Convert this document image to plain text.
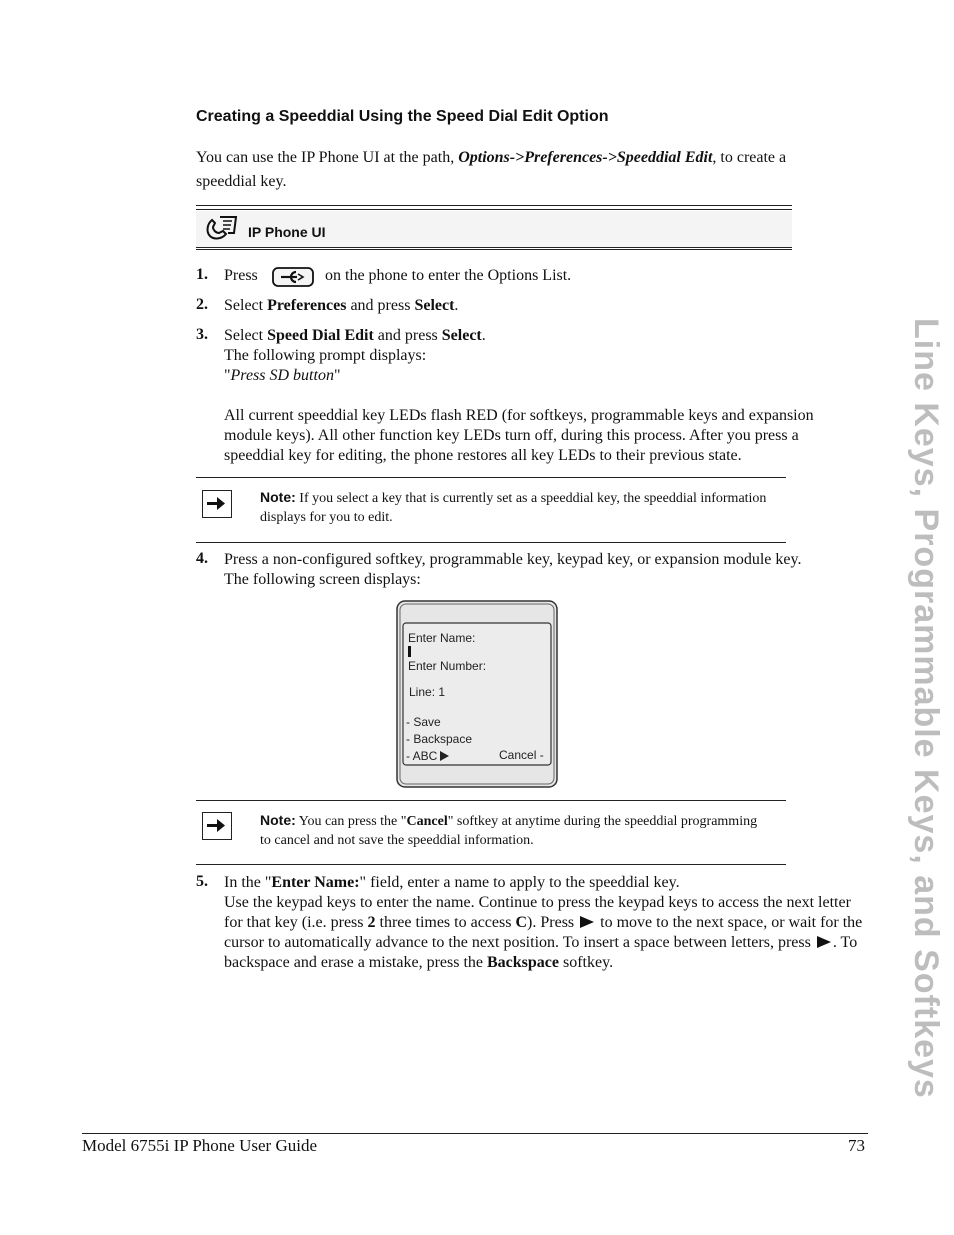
Creating a Speeddial Using the Speed Dial Edit Option
You can use the IP Phone UI at the path, Options->Preferences->Speeddial Edit, to create a speeddial key.
IP Phone UI
1. Press	on the phone to enter the Options List.
2. Select Preferences and press Select.
3. Select Speed Dial Edit and press Select.
The following prompt displays:
"Press SD button"
All current speeddial key LEDs flash RED (for softkeys, programmable keys and expansion module keys). All other function key LEDs turn off, during this process. After you press a speeddial key for editing, the phone restores all key LEDs to their previous state.
Note: If you select a key that is currently set as a speeddial key, the speeddial information displays for you to edit.
4. Press a non-configured softkey, programmable key, keypad key, or expansion module key.
The following screen displays:
Enter Name:
Enter Number:
Line: 1
- Save
- Backspace
- ABC	Cancel -
Note: You can press the "Cancel" softkey at anytime during the speeddial programming to cancel and not save the speeddial information.
5. In the "Enter Name:" field, enter a name to apply to the speeddial key.
Use the keypad keys to enter the name. Continue to press the keypad keys to access the next letter for that key (i.e. press 2 three times to access C). Press  to move to the next space, or wait for the cursor to automatically advance to the next position. To insert a space between letters, press . To backspace and erase a mistake, press the Backspace softkey.	Line Keys, Programmable Keys, and Softkeys
Model 6755i IP Phone User Guide	73
